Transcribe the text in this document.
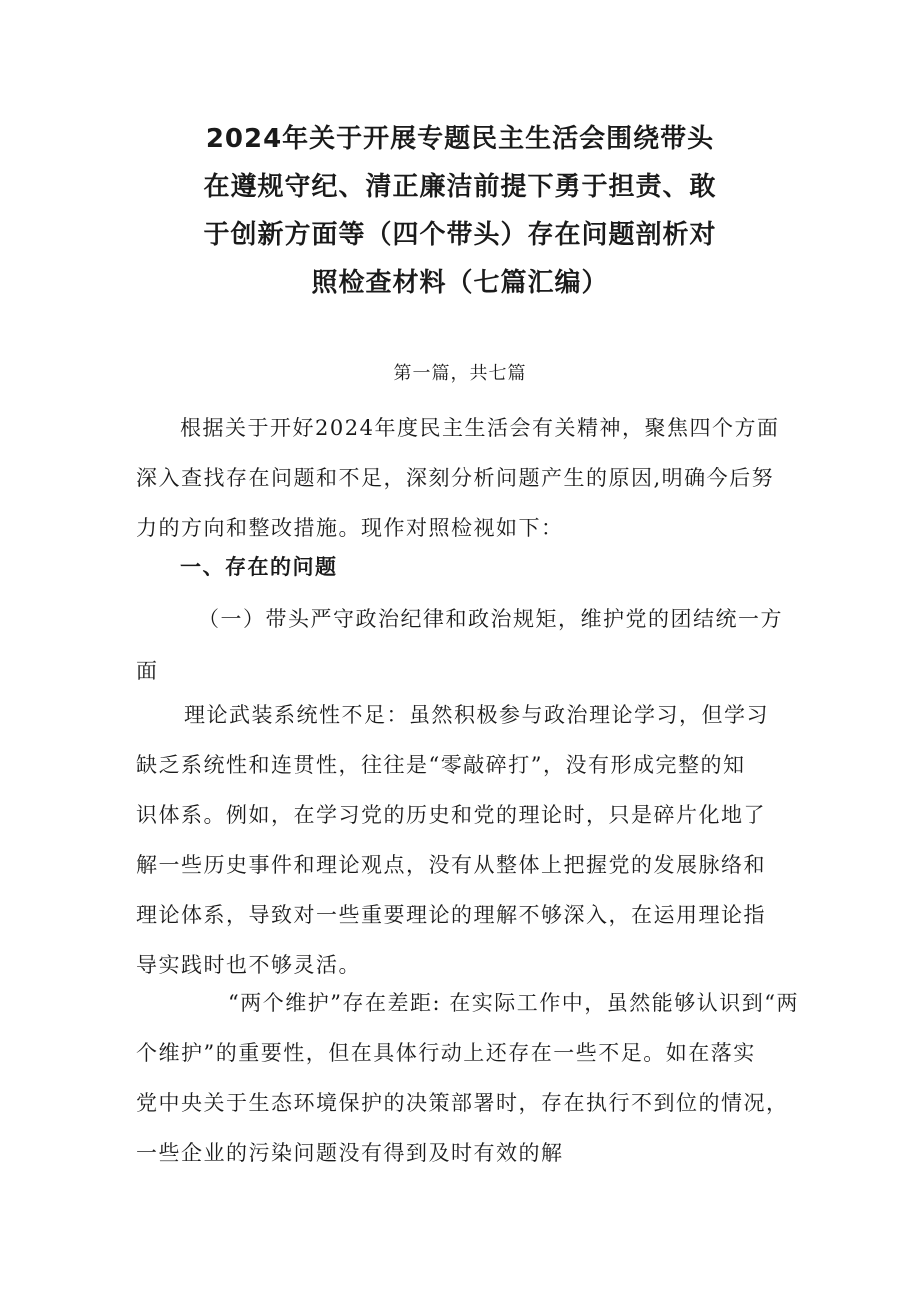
2024年关于开展专题民主生活会围绕带头
在遵规守纪、清正廉洁前提下勇于担责、敢
于创新方面等（四个带头）存在问题剖析对
照检查材料（七篇汇编）
第一篇，共七篇
根据关于开好2024年度民主生活会有关精神，聚焦四个方面
深入查找存在问题和不足，深刻分析问题产生的原因,明确今后努
力的方向和整改措施。现作对照检视如下：
一、存在的问题
（一）带头严守政治纪律和政治规矩，维护党的团结统一方
面
理论武装系统性不足：虽然积极参与政治理论学习，但学习
缺乏系统性和连贯性，往往是“零敲碎打”，没有形成完整的知
识体系。例如，在学习党的历史和党的理论时，只是碎片化地了
解一些历史事件和理论观点，没有从整体上把握党的发展脉络和
理论体系，导致对一些重要理论的理解不够深入，在运用理论指
导实践时也不够灵活。
“两个维护”存在差距: 在实际工作中，虽然能够认识到“两
个维护”的重要性，但在具体行动上还存在一些不足。如在落实
党中央关于生态环境保护的决策部署时，存在执行不到位的情况，
一些企业的污染问题没有得到及时有效的解
